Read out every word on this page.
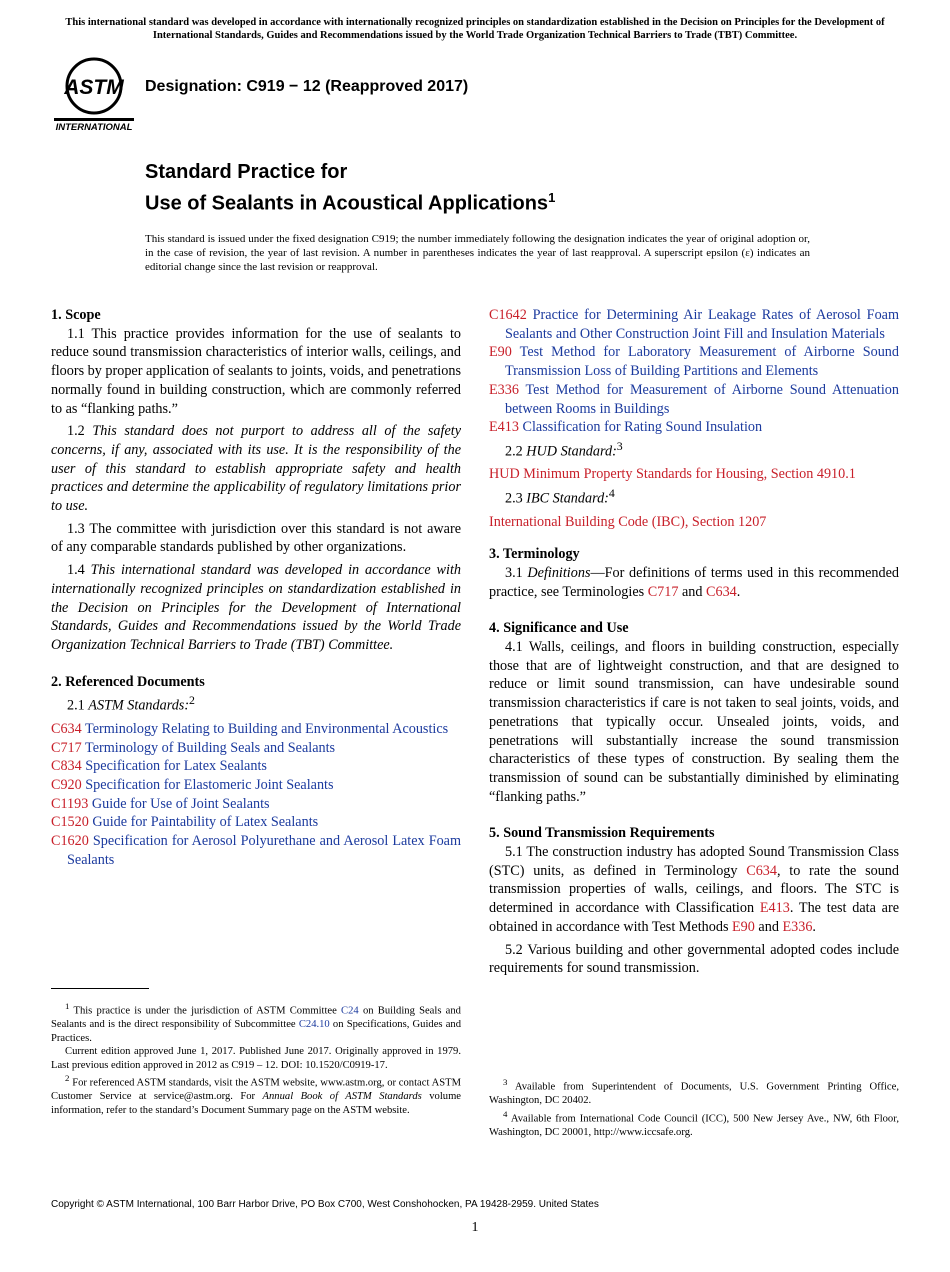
This international standard was developed in accordance with internationally recognized principles on standardization established in the Decision on Principles for the Development of International Standards, Guides and Recommendations issued by the World Trade Organization Technical Barriers to Trade (TBT) Committee.
ASTM
INTERNATIONAL
Designation: C919 − 12 (Reapproved 2017)
Standard Practice for
Use of Sealants in Acoustical Applications$^1$
This standard is issued under the fixed designation C919; the number immediately following the designation indicates the year of original adoption or, in the case of revision, the year of last revision. A number in parentheses indicates the year of last reapproval. A superscript epsilon (ε) indicates an editorial change since the last revision or reapproval.

1. Scope

1.1 This practice provides information for the use of sealants to reduce sound transmission characteristics of interior walls, ceilings, and floors by proper application of sealants to joints, voids, and penetrations normally found in building construction, which are commonly referred to as “flanking paths.”

1.2 This standard does not purport to address all of the safety concerns, if any, associated with its use. It is the responsibility of the user of this standard to establish appropriate safety and health practices and determine the applicability of regulatory limitations prior to use.

1.3 The committee with jurisdiction over this standard is not aware of any comparable standards published by other organizations.

1.4 This international standard was developed in accordance with internationally recognized principles on standardization established in the Decision on Principles for the Development of International Standards, Guides and Recommendations issued by the World Trade Organization Technical Barriers to Trade (TBT) Committee.

2. Referenced Documents

2.1 ASTM Standards:$^2$

C634 Terminology Relating to Building and Environmental Acoustics

C717 Terminology of Building Seals and Sealants

C834 Specification for Latex Sealants

C920 Specification for Elastomeric Joint Sealants

C1193 Guide for Use of Joint Sealants

C1520 Guide for Paintability of Latex Sealants

C1620 Specification for Aerosol Polyurethane and Aerosol Latex Foam Sealants

$^1$ This practice is under the jurisdiction of ASTM Committee C24 on Building Seals and Sealants and is the direct responsibility of Subcommittee C24.10 on Specifications, Guides and Practices.

Current edition approved June 1, 2017. Published June 2017. Originally approved in 1979. Last previous edition approved in 2012 as C919 – 12. DOI: 10.1520/C0919-17.

$^2$ For referenced ASTM standards, visit the ASTM website, www.astm.org, or contact ASTM Customer Service at service@astm.org. For Annual Book of ASTM Standards volume information, refer to the standard’s Document Summary page on the ASTM website.

C1642 Practice for Determining Air Leakage Rates of Aerosol Foam Sealants and Other Construction Joint Fill and Insulation Materials

E90 Test Method for Laboratory Measurement of Airborne Sound Transmission Loss of Building Partitions and Elements

E336 Test Method for Measurement of Airborne Sound Attenuation between Rooms in Buildings

E413 Classification for Rating Sound Insulation

2.2 HUD Standard:$^3$

HUD Minimum Property Standards for Housing, Section 4910.1

2.3 IBC Standard:$^4$

International Building Code (IBC), Section 1207

3. Terminology

3.1 Definitions—For definitions of terms used in this recommended practice, see Terminologies C717 and C634.

4. Significance and Use

4.1 Walls, ceilings, and floors in building construction, especially those that are of lightweight construction, and that are designed to reduce or limit sound transmission, can have undesirable sound transmission characteristics if care is not taken to seal joints, voids, and penetrations that typically occur. Unsealed joints, voids, and penetrations will substantially increase the sound transmission characteristics of these types of construction. By sealing them the transmission of sound can be substantially diminished by eliminating “flanking paths.”

5. Sound Transmission Requirements

5.1 The construction industry has adopted Sound Transmission Class (STC) units, as defined in Terminology C634, to rate the sound transmission properties of walls, ceilings, and floors. The STC is determined in accordance with Classification E413. The test data are obtained in accordance with Test Methods E90 and E336.

5.2 Various building and other governmental adopted codes include requirements for sound transmission.

$^3$ Available from Superintendent of Documents, U.S. Government Printing Office, Washington, DC 20402.

$^4$ Available from International Code Council (ICC), 500 New Jersey Ave., NW, 6th Floor, Washington, DC 20001, http://www.iccsafe.org.

Copyright © ASTM International, 100 Barr Harbor Drive, PO Box C700, West Conshohocken, PA 19428-2959. United States
1
